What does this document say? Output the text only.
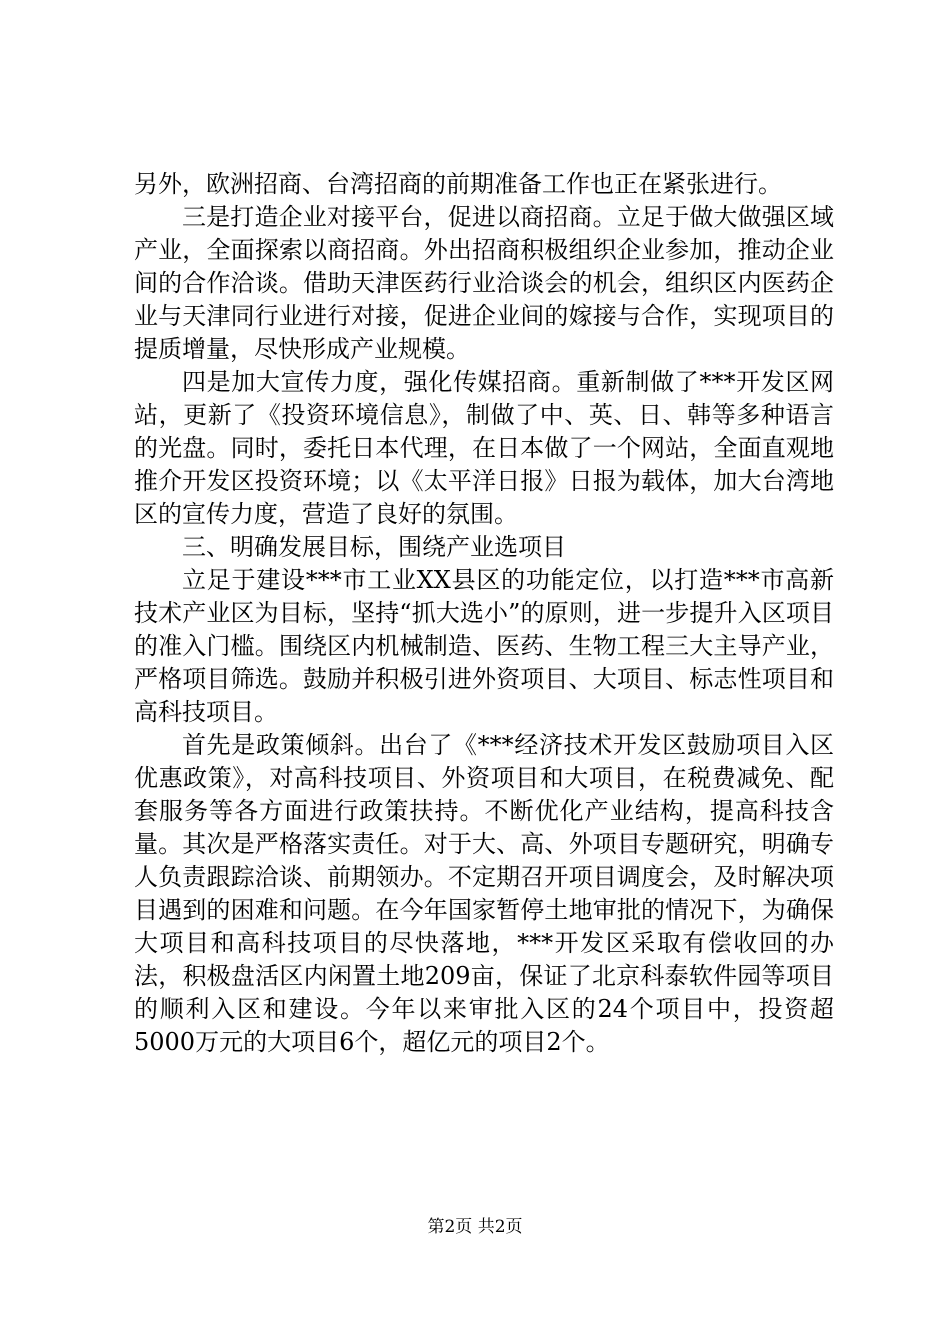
另外，欧洲招商、台湾招商的前期准备工作也正在紧张进行。

三是打造企业对接平台，促进以商招商。立足于做大做强区域产业，全面探索以商招商。外出招商积极组织企业参加，推动企业间的合作洽谈。借助天津医药行业洽谈会的机会，组织区内医药企业与天津同行业进行对接，促进企业间的嫁接与合作，实现项目的提质增量，尽快形成产业规模。

四是加大宣传力度，强化传媒招商。重新制做了***开发区网站，更新了《投资环境信息》，制做了中、英、日、韩等多种语言的光盘。同时，委托日本代理，在日本做了一个网站，全面直观地推介开发区投资环境；以《太平洋日报》日报为载体，加大台湾地区的宣传力度，营造了良好的氛围。

三、明确发展目标，围绕产业选项目

立足于建设***市工业XX县区的功能定位，以打造***市高新技术产业区为目标，坚持“抓大选小”的原则，进一步提升入区项目的准入门槛。围绕区内机械制造、医药、生物工程三大主导产业，严格项目筛选。鼓励并积极引进外资项目、大项目、标志性项目和高科技项目。

首先是政策倾斜。出台了《***经济技术开发区鼓励项目入区优惠政策》，对高科技项目、外资项目和大项目，在税费减免、配套服务等各方面进行政策扶持。不断优化产业结构，提高科技含量。其次是严格落实责任。对于大、高、外项目专题研究，明确专人负责跟踪洽谈、前期领办。不定期召开项目调度会，及时解决项目遇到的困难和问题。在今年国家暂停土地审批的情况下，为确保大项目和高科技项目的尽快落地，***开发区采取有偿收回的办法，积极盘活区内闲置土地209亩，保证了北京科泰软件园等项目的顺利入区和建设。今年以来审批入区的24个项目中，投资超5000万元的大项目6个，超亿元的项目2个。

第2页 共2页
